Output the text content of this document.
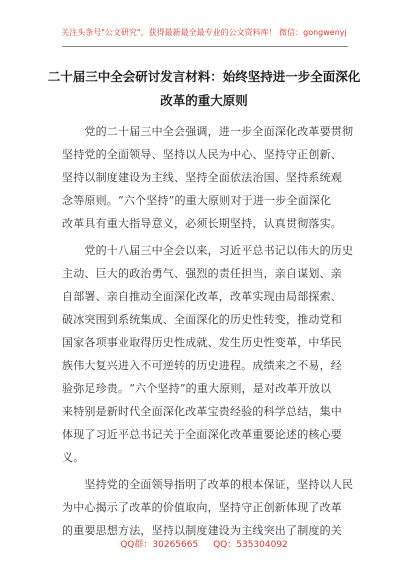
关注头条号"公文研究"，获得最新最全最专业的公文资料库！ 微信：gongwenyj
二十届三中全会研讨发言材料：始终坚持进一步全面深化
改革的重大原则
　　党的二十届三中全会强调，进一步全面深化改革要贯彻
坚持党的全面领导、坚持以人民为中心、坚持守正创新、
坚持以制度建设为主线、坚持全面依法治国、坚持系统观
念等原则。“六个坚持”的重大原则对于进一步全面深化
改革具有重大指导意义，必须长期坚持，认真贯彻落实。
　　党的十八届三中全会以来，习近平总书记以伟大的历史
主动、巨大的政治勇气、强烈的责任担当，亲自谋划、亲
自部署、亲自推动全面深化改革，改革实现由局部探索、
破冰突围到系统集成、全面深化的历史性转变，推动党和
国家各项事业取得历史性成就、发生历史性变革，中华民
族伟大复兴进入不可逆转的历史进程。成绩来之不易，经
验弥足珍贵。“六个坚持”的重大原则，是对改革开放以
来特别是新时代全面深化改革宝贵经验的科学总结，集中
体现了习近平总书记关于全面深化改革重要论述的核心要
义。
　　坚持党的全面领导指明了改革的根本保证，坚持以人民
为中心揭示了改革的价值取向，坚持守正创新体现了改革
的重要思想方法，坚持以制度建设为主线突出了制度的关
QQ群：30265665 QQ：535304092
